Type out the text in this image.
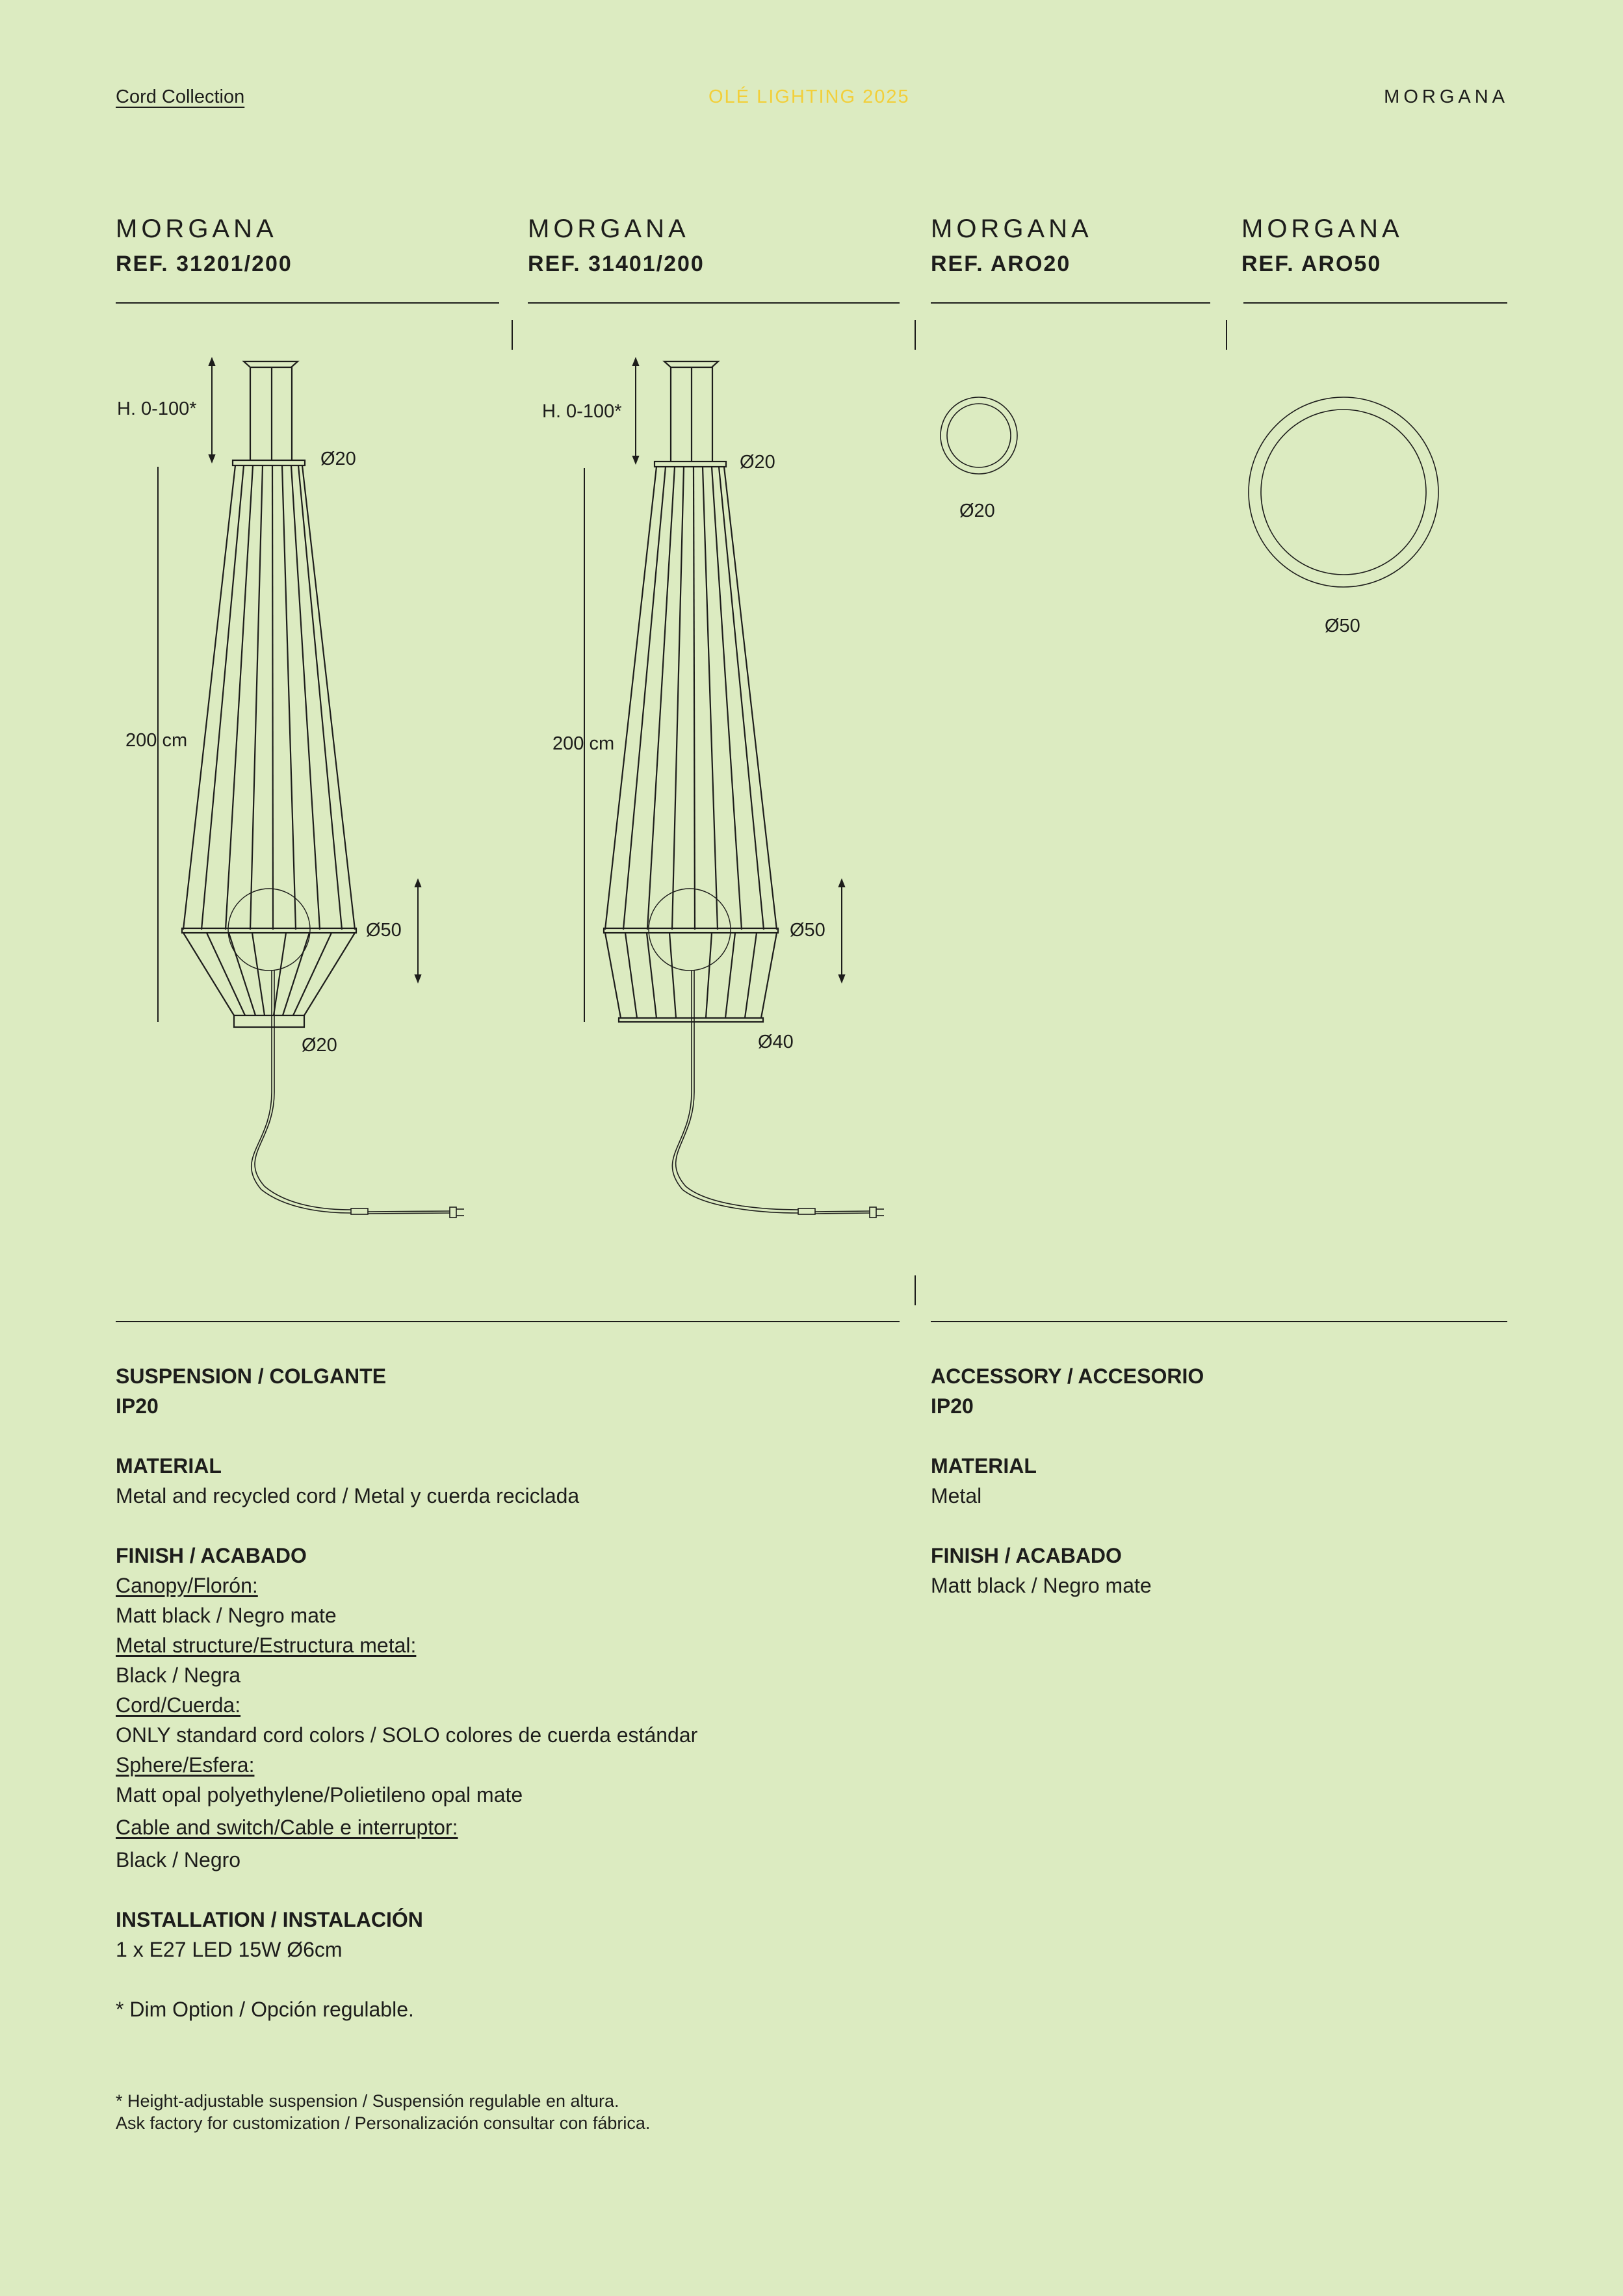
Cord Collection	OLÉ LIGHTING 2025	MORGANA
MORGANA
REF. 31201/200
MORGANA
REF. 31401/200
MORGANA
REF. ARO20
MORGANA
REF. ARO50
H. 0-100*
Ø20
200 cm
Ø50
Ø20
H. 0-100*
Ø20
200 cm
Ø50
Ø40
Ø20
Ø50
SUSPENSION / COLGANTE
IP20
MATERIAL
Metal and recycled cord / Metal y cuerda reciclada
FINISH / ACABADO
Canopy/Florón:
Matt black / Negro mate
Metal structure/Estructura metal:
Black / Negra
Cord/Cuerda:
ONLY standard cord colors / SOLO colores de cuerda estándar
Sphere/Esfera:
Matt opal polyethylene/Polietileno opal mate
Cable and switch/Cable e interruptor:
Black / Negro
INSTALLATION / INSTALACIÓN
1 x E27 LED 15W Ø6cm
* Dim Option / Opción regulable.
ACCESSORY / ACCESORIO
IP20
MATERIAL
Metal
FINISH / ACABADO
Matt black / Negro mate
* Height-adjustable suspension / Suspensión regulable en altura.
Ask factory for customization / Personalización consultar con fábrica.
